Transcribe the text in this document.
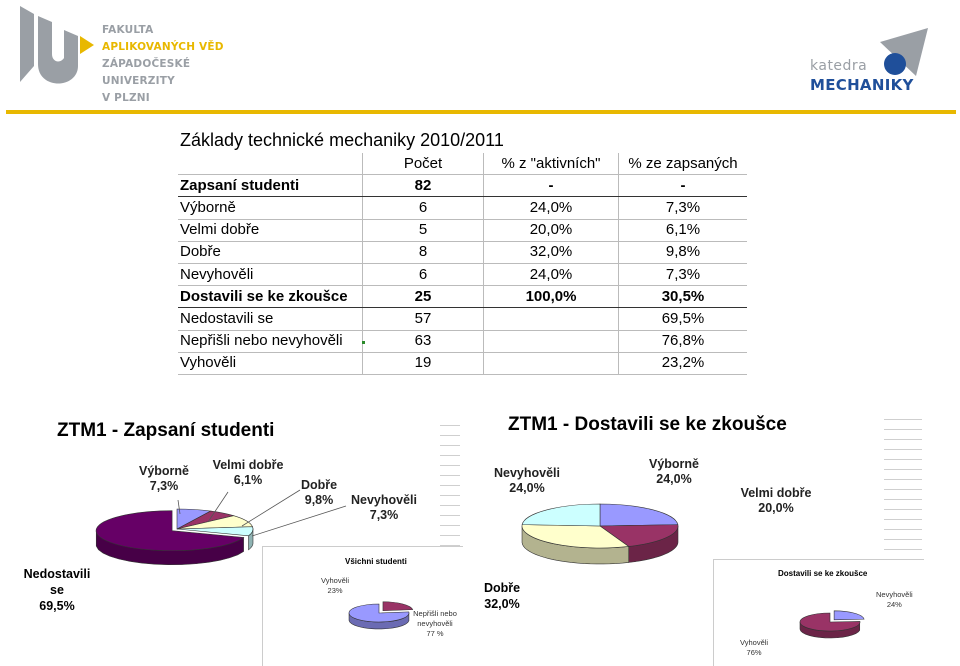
FAKULTA
APLIKOVANÝCH VĚD
ZÁPADOČESKÉ
UNIVERZITY
V PLZNI
katedra
MECHANIKY
Základy technické mechaniky 2010/2011
	Počet	% z "aktivních"	% ze zapsaných
Zapsaní studenti	82	-	-
Výborně	6	24,0%	7,3%
Velmi dobře	5	20,0%	6,1%
Dobře	8	32,0%	9,8%
Nevyhověli	6	24,0%	7,3%
Dostavili se ke zkoušce	25	100,0%	30,5%
Nedostavili se	57		69,5%
Nepřišli nebo nevyhověli	63		76,8%
Vyhověli	19		23,2%
ZTM1 - Zapsaní studenti
Výborně
7,3%
Velmi dobře
6,1%	Dobře
9,8%	Nevyhověli
7,3%
Nedostavili se
69,5%
Všichni studenti
Vyhověli
23%
Nepřišli nebo nevyhověli
77 %
ZTM1 - Dostavili se ke zkoušce
Nevyhověli
24,0%
Výborně
24,0%
Velmi dobře
20,0%
Dobře
32,0%
Dostavili se ke zkoušce
Nevyhověli
24%
Vyhověli
76%
